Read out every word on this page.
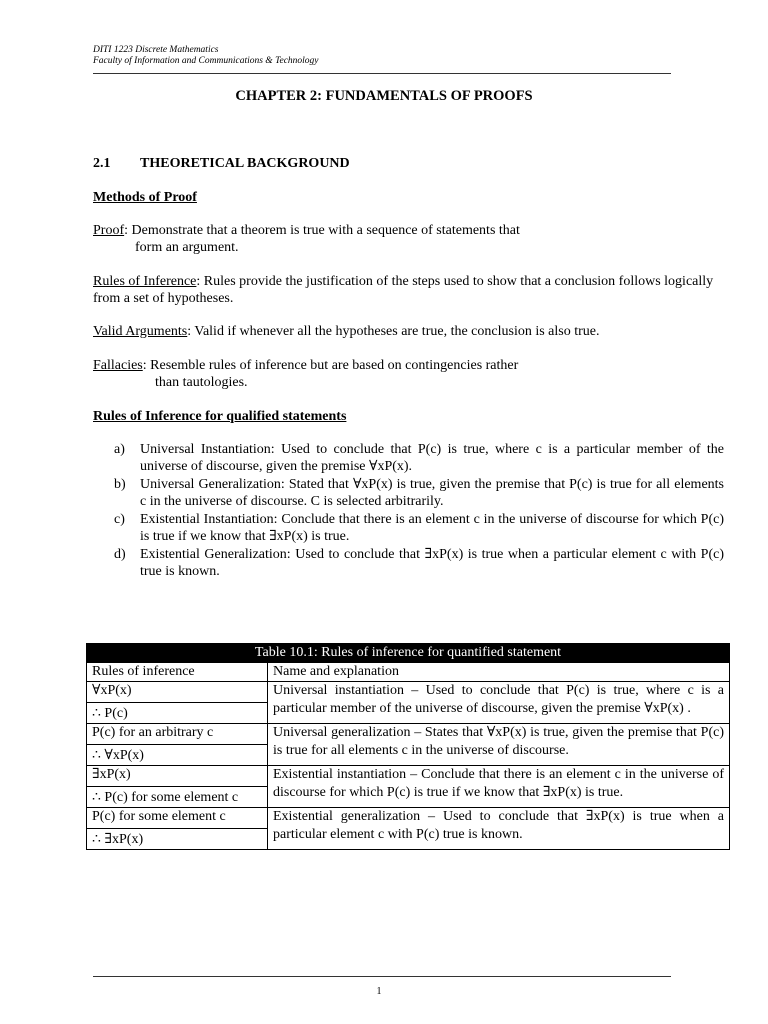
DITI 1223 Discrete Mathematics
Faculty of Information and Communications & Technology
CHAPTER 2: FUNDAMENTALS OF PROOFS
2.1 THEORETICAL BACKGROUND
Methods of Proof
Proof: Demonstrate that a theorem is true with a sequence of statements that
form an argument.
Rules of Inference: Rules provide the justification of the steps used to show that a conclusion follows logically from a set of hypotheses.
Valid Arguments: Valid if whenever all the hypotheses are true, the conclusion is also true.
Fallacies: Resemble rules of inference but are based on contingencies rather
than tautologies.
Rules of Inference for qualified statements
a) Universal Instantiation: Used to conclude that P(c) is true, where c is a particular member of the universe of discourse, given the premise ∀xP(x).
b) Universal Generalization: Stated that ∀xP(x) is true, given the premise that P(c) is true for all elements c in the universe of discourse. C is selected arbitrarily.
c) Existential Instantiation: Conclude that there is an element c in the universe of discourse for which P(c) is true if we know that ∃xP(x) is true.
d) Existential Generalization: Used to conclude that ∃xP(x) is true when a particular element c with P(c) true is known.
Table 10.1: Rules of inference for quantified statement	
Rules of inference	Name and explanation

∀xP(x)
∴ P(c)	Universal instantiation – Used to conclude that P(c) is true, where c is a particular member of the universe of discourse, given the premise ∀xP(x) .

P(c) for an arbitrary c
∴ ∀xP(x)	Universal generalization – States that ∀xP(x) is true, given the premise that P(c) is true for all elements c in the universe of discourse.

∃xP(x)
∴ P(c) for some element c	Existential instantiation – Conclude that there is an element c in the universe of discourse for which P(c) is true if we know that ∃xP(x) is true.

P(c) for some element c
∴ ∃xP(x)	Existential generalization – Used to conclude that ∃xP(x) is true when a particular element c with P(c) true is known.
1
